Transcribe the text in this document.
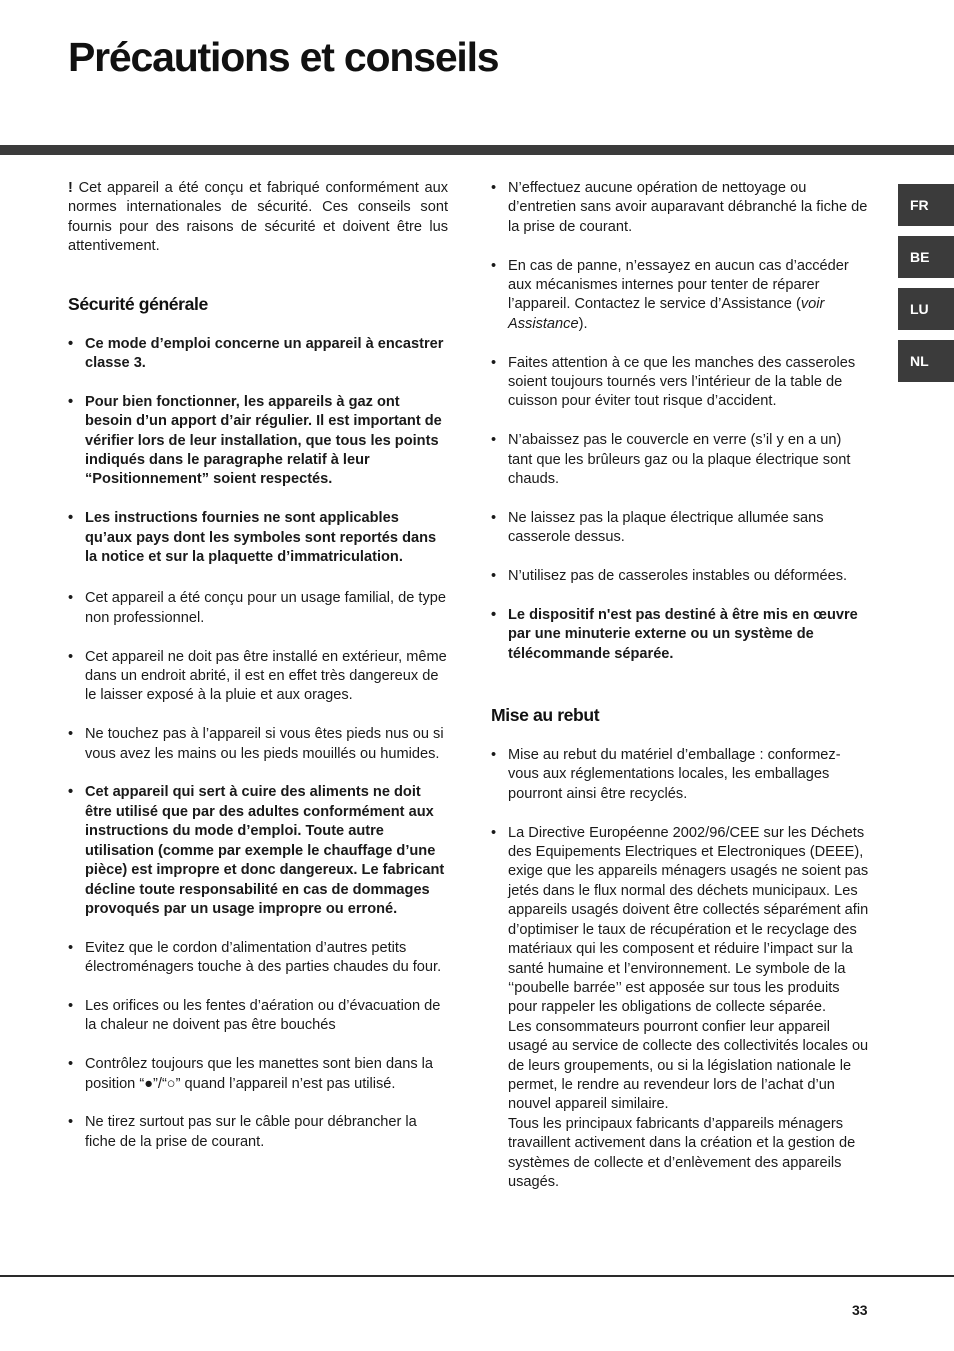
Précautions et conseils
FR
BE
LU
NL

! Cet appareil a été conçu et fabriqué conformément aux normes internationales de sécurité. Ces conseils sont fournis pour des raisons de sécurité et doivent être lus attentivement.

Sécurité générale
• Ce mode d’emploi concerne un appareil à encastrer classe 3.
• Pour bien fonctionner, les appareils à gaz ont besoin d’un apport d’air régulier. Il est important de vérifier lors de leur installation, que tous les points indiqués dans le paragraphe relatif à leur “Positionnement” soient respectés.
• Les instructions fournies ne sont applicables qu’aux pays dont les symboles sont reportés dans la notice et sur la plaquette d’immatriculation.
• Cet appareil a été conçu pour un usage familial, de type non professionnel.
• Cet appareil ne doit pas être installé en extérieur, même dans un endroit abrité, il est en effet très dangereux de le laisser exposé à la pluie et aux orages.
• Ne touchez pas à l’appareil si vous êtes pieds nus ou si vous avez les mains ou les pieds mouillés ou humides.
• Cet appareil qui sert à cuire des aliments ne doit être utilisé que par des adultes conformément aux instructions du mode d’emploi. Toute autre utilisation (comme par exemple le chauffage d’une pièce) est impropre et donc dangereux. Le fabricant décline toute responsabilité en cas de dommages provoqués par un usage impropre ou erroné.
• Evitez que le cordon d’alimentation d’autres petits électroménagers touche à des parties chaudes du four.
• Les orifices ou les fentes d’aération ou d’évacuation de la chaleur ne doivent pas être bouchés
• Contrôlez toujours que les manettes sont bien dans la position “●”/“○” quand l’appareil n’est pas utilisé.
• Ne tirez surtout pas sur le câble pour débrancher la fiche de la prise de courant.
• N’effectuez aucune opération de nettoyage ou d’entretien sans avoir auparavant débranché la fiche de la prise de courant.
• En cas de panne, n’essayez en aucun cas d’accéder aux mécanismes internes pour tenter de réparer l’appareil. Contactez le service d’Assistance (voir Assistance).
• Faites attention à ce que les manches des casseroles soient toujours tournés vers l’intérieur de la table de cuisson pour éviter tout risque d’accident.
• N’abaissez pas le couvercle en verre (s’il y en a un) tant que les brûleurs gaz ou la plaque électrique sont chauds.
• Ne laissez pas la plaque électrique allumée sans casserole dessus.
• N’utilisez pas de casseroles instables ou déformées.
• Le dispositif n'est pas destiné à être mis en œuvre par une minuterie externe ou un système de télécommande séparée.
Mise au rebut
• Mise au rebut du matériel d’emballage : conformez-vous aux réglementations locales, les emballages pourront ainsi être recyclés.
• La Directive Européenne 2002/96/CEE sur les Déchets des Equipements Electriques et Electroniques (DEEE), exige que les appareils ménagers usagés ne soient pas jetés dans le flux normal des déchets municipaux. Les appareils usagés doivent être collectés séparément afin d’optimiser le taux de récupération et le recyclage des matériaux qui les composent et réduire l’impact sur la santé humaine et l’environnement. Le symbole de la ‘‘poubelle barrée’’ est apposée sur tous les produits pour rappeler les obligations de collecte séparée.
Les consommateurs pourront confier leur appareil usagé au service de collecte des collectivités locales ou de leurs groupements, ou si la législation nationale le permet, le rendre au revendeur lors de l’achat d’un nouvel appareil similaire.
Tous les principaux fabricants d’appareils ménagers travaillent activement dans la création et la gestion de systèmes de collecte et d’enlèvement des appareils usagés.
33
